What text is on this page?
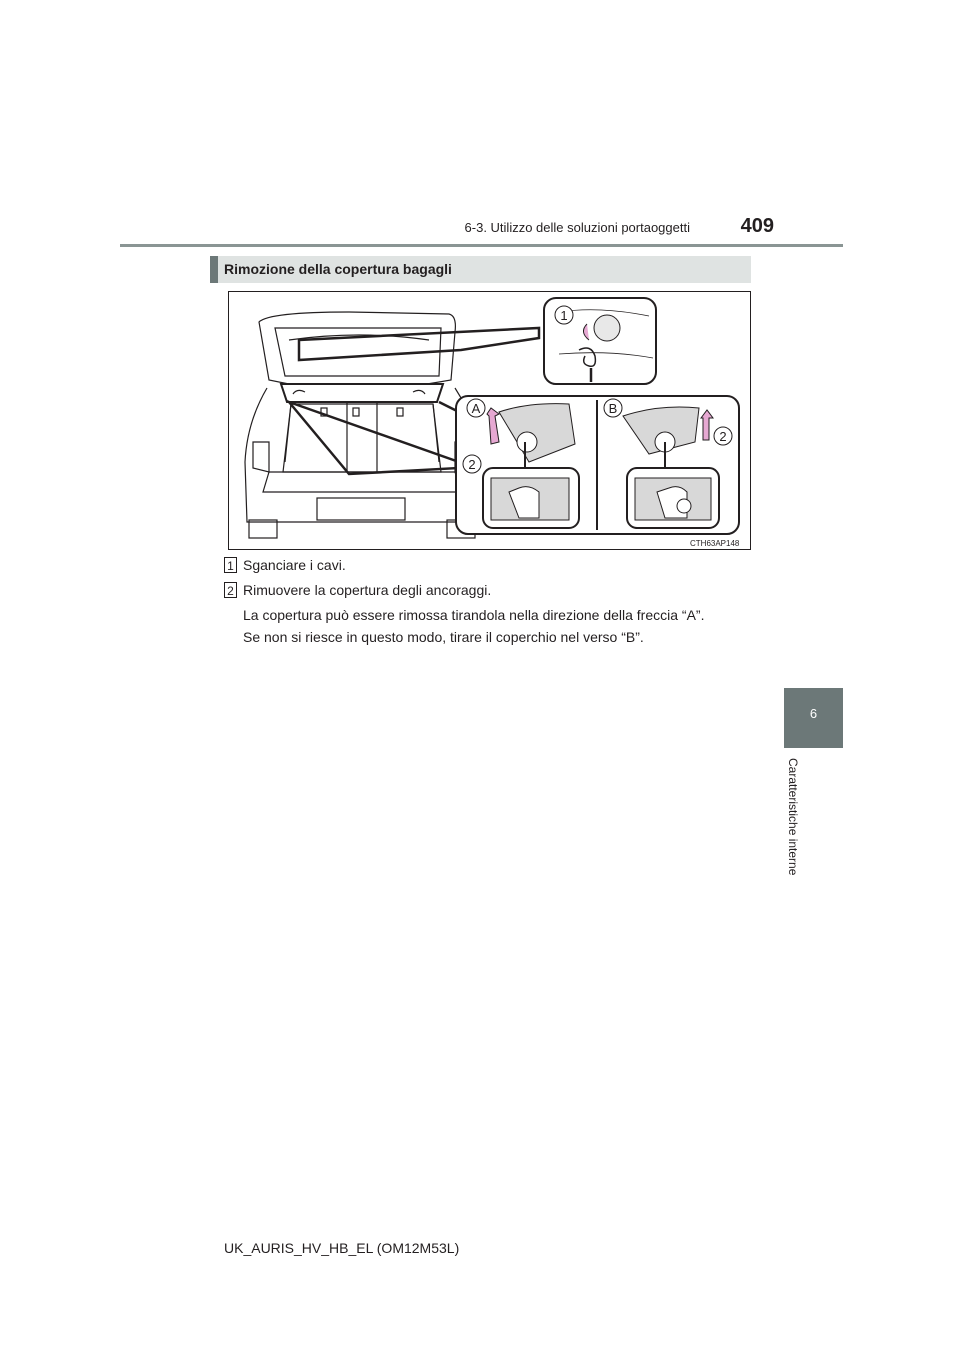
6-3. Utilizzo delle soluzioni portaoggetti	409
6
Caratteristiche interne
Rimozione della copertura bagagli
1
A
2
B
2
CTH63AP148
1 Sganciare i cavi.
2 Rimuovere la copertura degli ancoraggi.
La copertura può essere rimossa tirandola nella direzione della freccia “A”.
Se non si riesce in questo modo, tirare il coperchio nel verso “B”.
UK_AURIS_HV_HB_EL (OM12M53L)
